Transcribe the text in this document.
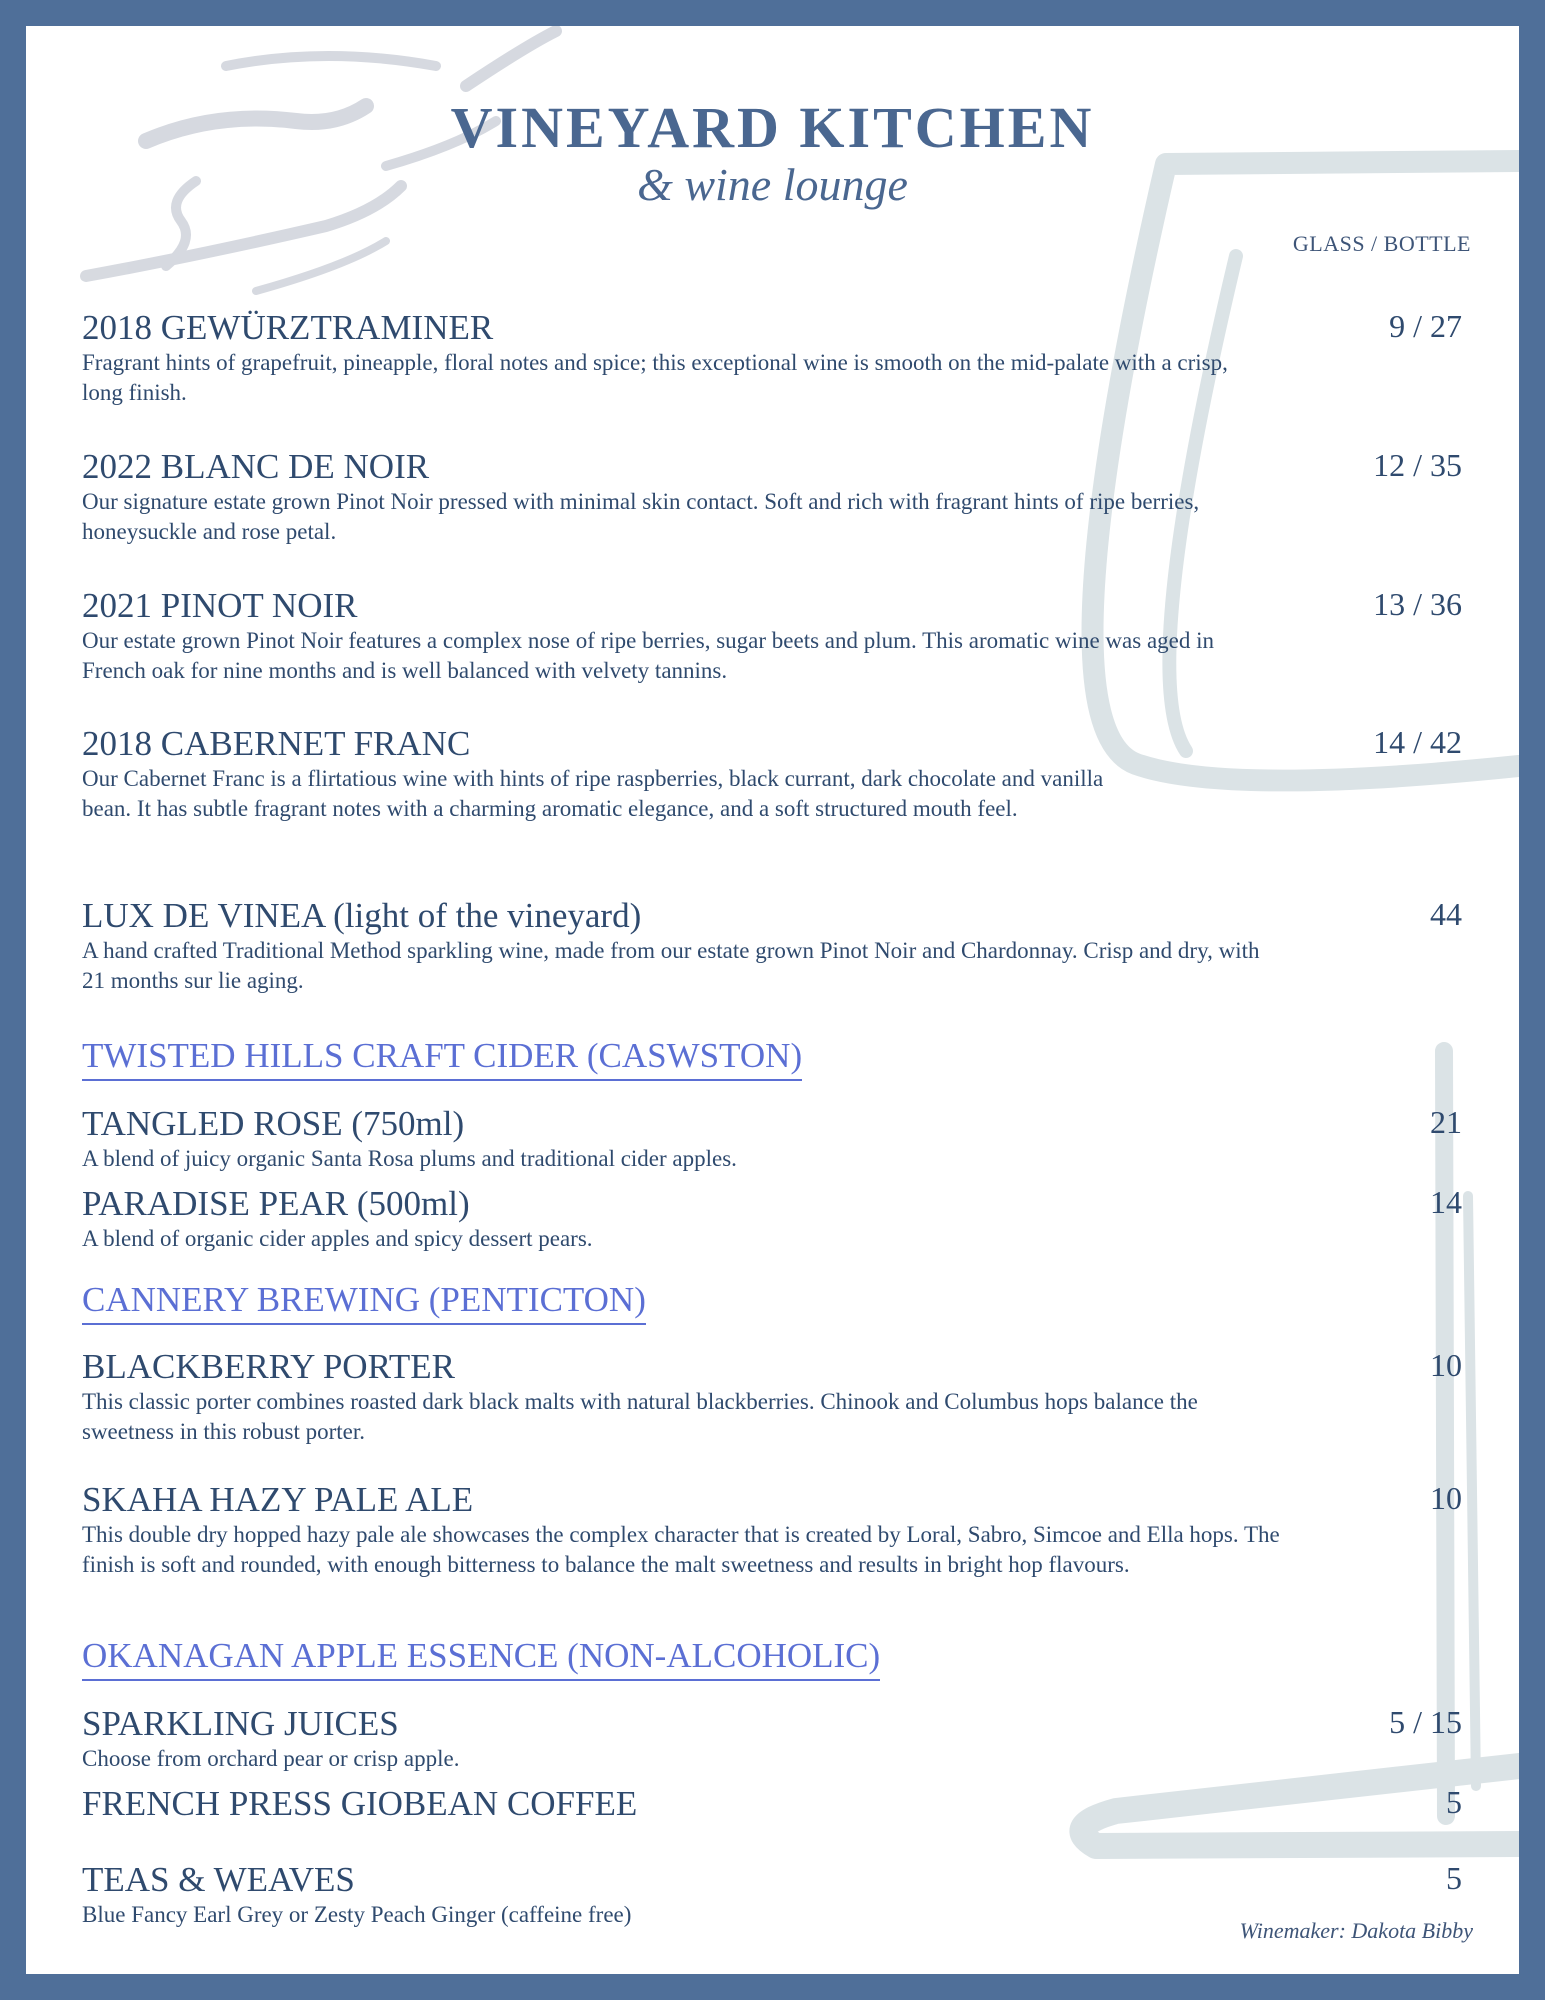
VINEYARD KITCHEN
& wine lounge
GLASS / BOTTLE
2018 GEWÜRZTRAMINER	9 / 27

Fragrant hints of grapefruit, pineapple, floral notes and spice; this exceptional wine is smooth on the mid-palate with a crisp, long finish.

2022 BLANC DE NOIR	12 / 35

Our signature estate grown Pinot Noir pressed with minimal skin contact. Soft and rich with fragrant hints of ripe berries, honeysuckle and rose petal.

2021 PINOT NOIR	13 / 36

Our estate grown Pinot Noir features a complex nose of ripe berries, sugar beets and plum. This aromatic wine was aged in French oak for nine months and is well balanced with velvety tannins.

2018 CABERNET FRANC	14 / 42

Our Cabernet Franc is a flirtatious wine with hints of ripe raspberries, black currant, dark chocolate and vanilla bean. It has subtle fragrant notes with a charming aromatic elegance, and a soft structured mouth feel.

LUX DE VINEA (light of the vineyard)	44

A hand crafted Traditional Method sparkling wine, made from our estate grown Pinot Noir and Chardonnay. Crisp and dry, with 21 months sur lie aging.

TWISTED HILLS CRAFT CIDER (CASWSTON)
TANGLED ROSE (750ml)	21

A blend of juicy organic Santa Rosa plums and traditional cider apples.

PARADISE PEAR (500ml)	14

A blend of organic cider apples and spicy dessert pears.

CANNERY BREWING (PENTICTON)
BLACKBERRY PORTER	10

This classic porter combines roasted dark black malts with natural blackberries. Chinook and Columbus hops balance the sweetness in this robust porter.

SKAHA HAZY PALE ALE	10

This double dry hopped hazy pale ale showcases the complex character that is created by Loral, Sabro, Simcoe and Ella hops. The finish is soft and rounded, with enough bitterness to balance the malt sweetness and results in bright hop flavours.

OKANAGAN APPLE ESSENCE (NON-ALCOHOLIC)
SPARKLING JUICES	5 / 15

Choose from orchard pear or crisp apple.

FRENCH PRESS GIOBEAN COFFEE	5
TEAS & WEAVES	5

Blue Fancy Earl Grey or Zesty Peach Ginger (caffeine free)

Winemaker: Dakota Bibby
